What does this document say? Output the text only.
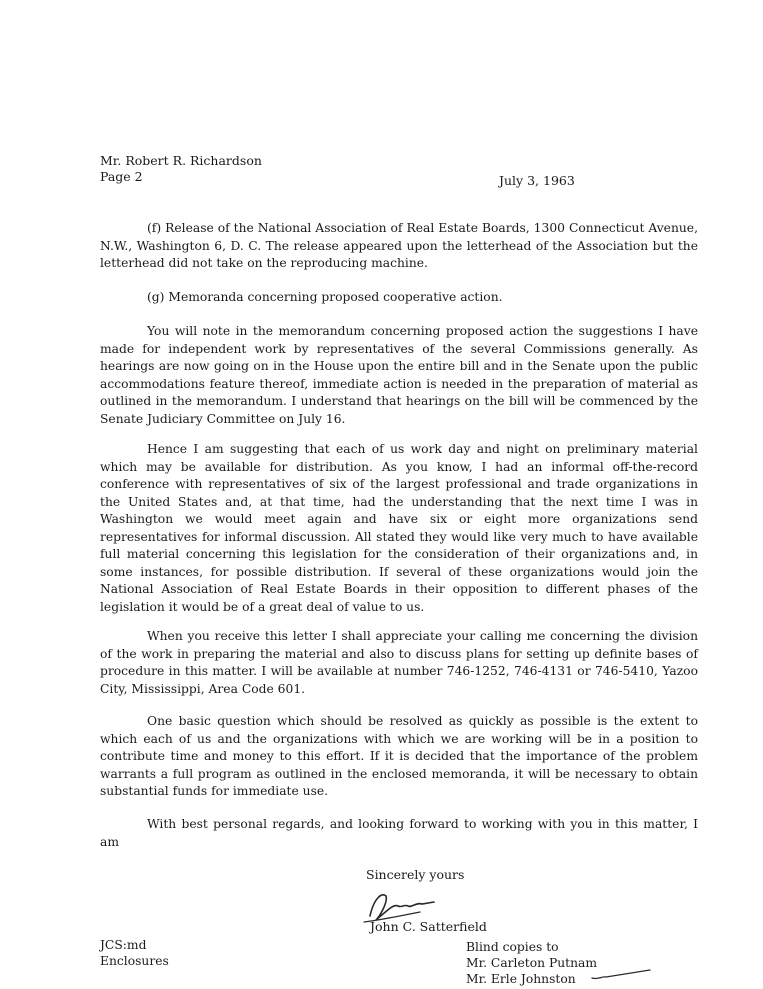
Mr. Robert R. Richardson
Page 2	July 3, 1963

(f) Release of the National Association of Real Estate Boards, 1300 Connecticut Avenue, N.W., Washington 6, D. C. The release appeared upon the letterhead of the Association but the letterhead did not take on the reproducing machine.

(g) Memoranda concerning proposed cooperative action.

You will note in the memorandum concerning proposed action the suggestions I have made for independent work by representatives of the several Commissions generally. As hearings are now going on in the House upon the entire bill and in the Senate upon the public accommodations feature thereof, immediate action is needed in the preparation of material as outlined in the memorandum. I understand that hearings on the bill will be commenced by the Senate Judiciary Committee on July 16.

Hence I am suggesting that each of us work day and night on preliminary material which may be available for distribution. As you know, I had an informal off-the-record conference with representatives of six of the largest professional and trade organizations in the United States and, at that time, had the understanding that the next time I was in Washington we would meet again and have six or eight more organizations send representatives for informal discussion. All stated they would like very much to have available full material concerning this legislation for the consideration of their organizations and, in some instances, for possible distribution. If several of these organizations would join the National Association of Real Estate Boards in their opposition to different phases of the legislation it would be of a great deal of value to us.

When you receive this letter I shall appreciate your calling me concerning the division of the work in preparing the material and also to discuss plans for setting up definite bases of procedure in this matter. I will be available at number 746-1252, 746-4131 or 746-5410, Yazoo City, Mississippi, Area Code 601.

One basic question which should be resolved as quickly as possible is the extent to which each of us and the organizations with which we are working will be in a position to contribute time and money to this effort. If it is decided that the importance of the problem warrants a full program as outlined in the enclosed memoranda, it will be necessary to obtain substantial funds for immediate use.

With best personal regards, and looking forward to working with you in this matter, I am

Sincerely yours
John C. Satterfield
JCS:md
Enclosures
Blind copies to
Mr. Carleton Putnam
Mr. Erle Johnston
